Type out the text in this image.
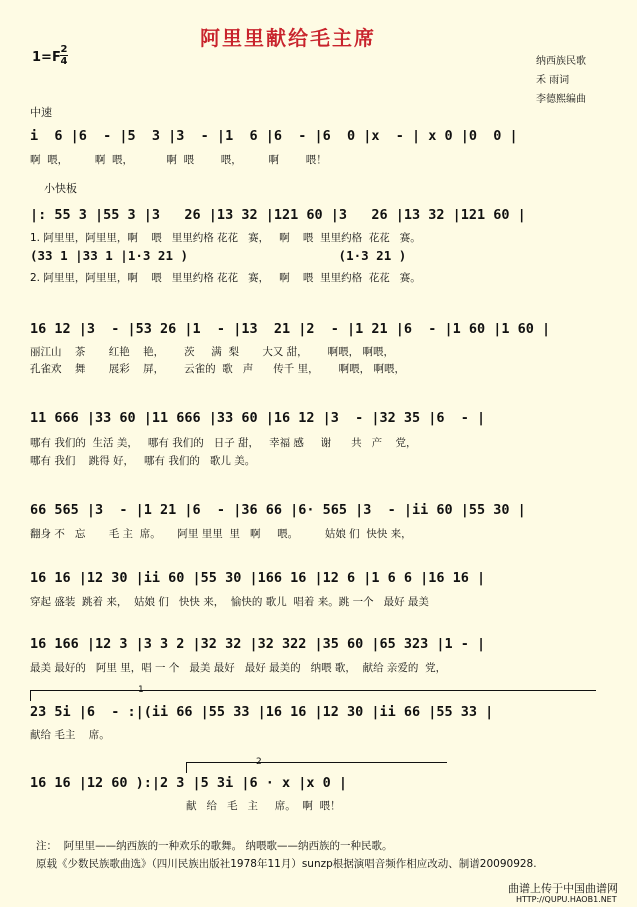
阿里里献给毛主席
1=F
2
4	纳西族民歌
禾 雨词
李德熙编曲
中速
i  6 |6  - |5  3 |3  - |1  6 |6  - |6  0 |x  - | x 0 |0  0 |
啊  喂，        啊  喂，          啊  喂        喂，        啊        喂！
小快板
|: 55 3 |55 3 |3   26 |13 32 |121 60 |3   26 |13 32 |121 60 |
1. 阿里里，阿里里，啊    喂   里里约格 花花   赛，   啊    喂  里里约格  花花   赛。
(33 1 |33 1 |1·3 21 )                    (1·3 21 )
2. 阿里里，阿里里，啊    喂   里里约格 花花   赛，   啊    喂  里里约格  花花   赛。
16 12 |3  - |53 26 |1  - |13  21 |2  - |1 21 |6  - |1 60 |1 60 |
丽江山    茶       红艳    艳，      茨     满  梨       大又 甜，      啊喂， 啊喂，
孔雀欢    舞       展彩    屏，      云雀的  歌   声      传千 里，      啊喂， 啊喂，
11 666 |33 60 |11 666 |33 60 |16 12 |3  - |32 35 |6  - |
哪有 我们的  生活 美，   哪有 我们的   日子 甜，   幸福 感     谢      共   产    党，
哪有 我们    跳得 好，   哪有 我们的   歌儿 美。
66 565 |3  - |1 21 |6  - |36 66 |6· 565 |3  - |ii 60 |55 30 |
翻身 不   忘       毛 主  席。     阿里 里里  里   啊     喂。        姑娘 们  快快 来，
16 16 |12 30 |ii 60 |55 30 |166 16 |12 6 |1 6 6 |16 16 |
穿起 盛装  跳着 来，  姑娘 们   快快 来，  愉快的 歌儿  唱着 来。跳 一个   最好 最美
16 166 |12 3 |3 3 2 |32 32 |32 322 |35 60 |65 323 |1 - |
最美 最好的   阿里 里，唱 一 个   最美 最好   最好 最美的   纳喂 歌，  献给 亲爱的  党，
1
23 5i |6  - :|(ii 66 |55 33 |16 16 |12 30 |ii 66 |55 33 |
献给 毛主    席。
2
16 16 |12 60 ):|2 3 |5 3i |6 · x |x 0 |
献   给   毛   主     席。  啊  喂！
注：  阿里里——纳西族的一种欢乐的歌舞。 纳喂歌——纳西族的一种民歌。
原载《少数民族歌曲选》（四川民族出版社1978年11月）sunzp根据演唱音频作相应改动、制谱20090928.
曲谱上传于中国曲谱网
HTTP://QUPU.HAOB1.NET
